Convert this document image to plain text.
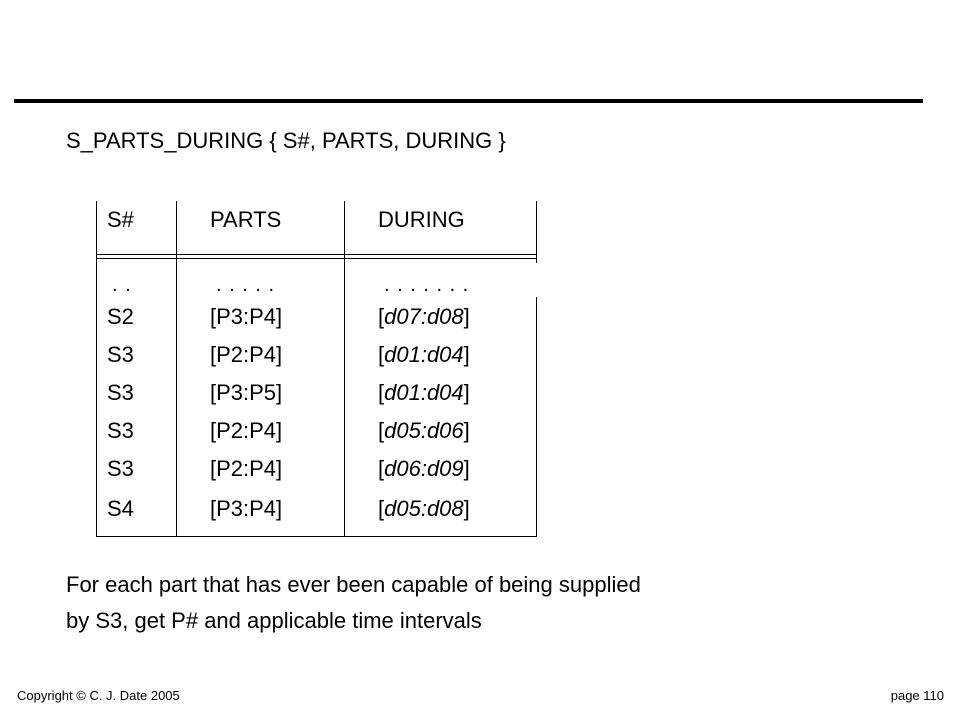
S_PARTS_DURING { S#, PARTS, DURING }
S#	PARTS	DURING
. .	. . . . .	. . . . . . .
S2	[P3:P4]	[d07:d08]
S3	[P2:P4]	[d01:d04]
S3	[P3:P5]	[d01:d04]
S3	[P2:P4]	[d05:d06]
S3	[P2:P4]	[d06:d09]
S4	[P3:P4]	[d05:d08]
For each part that has ever been capable of being supplied
by S3, get P# and applicable time intervals
Copyright © C. J. Date 2005	page 110
